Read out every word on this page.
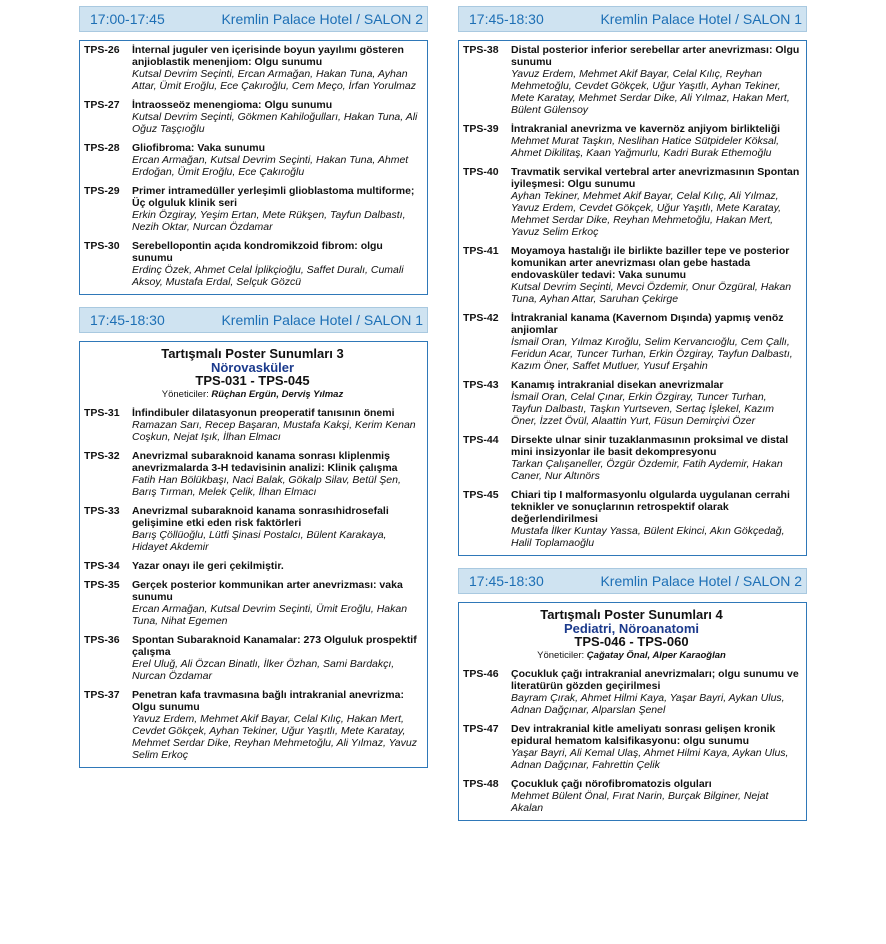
17:00-17:45	Kremlin Palace Hotel / SALON 2
TPS-26	İnternal juguler ven içerisinde boyun yayılımı gösteren anjioblastik menenjiom: Olgu sunumu
Kutsal Devrim Seçinti, Ercan Armağan, Hakan Tuna, Ayhan Attar, Ümit Eroğlu, Ece Çakıroğlu, Cem Meço, İrfan Yorulmaz
TPS-27	İntraosseöz menengioma: Olgu sunumu
Kutsal Devrim Seçinti, Gökmen Kahiloğulları, Hakan Tuna, Ali Oğuz Taşçıoğlu
TPS-28	Gliofibroma: Vaka sunumu
Ercan Armağan, Kutsal Devrim Seçinti, Hakan Tuna, Ahmet Erdoğan, Ümit Eroğlu, Ece Çakıroğlu
TPS-29	Primer intramedüller yerleşimli glioblastoma multiforme; Üç olguluk klinik seri
Erkin Özgiray, Yeşim Ertan, Mete Rükşen, Tayfun Dalbastı, Nezih Oktar, Nurcan Özdamar
TPS-30	Serebellopontin açıda kondromikzoid fibrom: olgu sunumu
Erdinç Özek, Ahmet Celal İplikçioğlu, Saffet Duralı, Cumali Aksoy, Mustafa Erdal, Selçuk Gözcü
17:45-18:30	Kremlin Palace Hotel / SALON 1
Tartışmalı Poster Sunumları 3
Nörovasküler
TPS-031 - TPS-045
Yöneticiler: Rüçhan Ergün, Derviş Yılmaz
TPS-31	İnfindibuler dilatasyonun preoperatif tanısının önemi
Ramazan Sarı, Recep Başaran, Mustafa Kakşi, Kerim Kenan Coşkun, Nejat Işık, İlhan Elmacı
TPS-32	Anevrizmal subaraknoid kanama sonrası kliplenmiş anevrizmalarda 3-H tedavisinin analizi: Klinik çalışma
Fatih Han Bölükbaşı, Naci Balak, Gökalp Silav, Betül Şen, Barış Tırman, Melek Çelik, İlhan Elmacı
TPS-33	Anevrizmal subaraknoid kanama sonrasıhidrosefali gelişimine etki eden risk faktörleri
Barış Çöllüoğlu, Lütfi Şinasi Postalcı, Bülent Karakaya, Hidayet Akdemir
TPS-34	Yazar onayı ile geri çekilmiştir.
TPS-35	Gerçek posterior kommunikan arter anevrizması: vaka sunumu
Ercan Armağan, Kutsal Devrim Seçinti, Ümit Eroğlu, Hakan Tuna, Nihat Egemen
TPS-36	Spontan Subaraknoid Kanamalar: 273 Olguluk prospektif çalışma
Erel Uluğ, Ali Özcan Binatlı, İlker Özhan, Sami Bardakçı, Nurcan Özdamar
TPS-37	Penetran kafa travmasına bağlı intrakranial anevrizma: Olgu sunumu
Yavuz Erdem, Mehmet Akif Bayar, Celal Kılıç, Hakan Mert, Cevdet Gökçek, Ayhan Tekiner, Uğur Yaşıtlı, Mete Karatay, Mehmet Serdar Dike, Reyhan Mehmetoğlu, Ali Yılmaz, Yavuz Selim Erkoç
17:45-18:30	Kremlin Palace Hotel / SALON 1
TPS-38	Distal posterior inferior serebellar arter anevrizması: Olgu sunumu
Yavuz Erdem, Mehmet Akif Bayar, Celal Kılıç, Reyhan Mehmetoğlu, Cevdet Gökçek, Uğur Yaşıtlı, Ayhan Tekiner, Mete Karatay, Mehmet Serdar Dike, Ali Yılmaz, Hakan Mert, Bülent Gülensoy
TPS-39	İntrakranial anevrizma ve kavernöz anjiyom birlikteliği
Mehmet Murat Taşkın, Neslihan Hatice Sütpideler Köksal, Ahmet Dikilitaş, Kaan Yağmurlu, Kadri Burak Ethemoğlu
TPS-40	Travmatik servikal vertebral arter anevrizmasının Spontan iyileşmesi: Olgu sunumu
Ayhan Tekiner, Mehmet Akif Bayar, Celal Kılıç, Ali Yılmaz, Yavuz Erdem, Cevdet Gökçek, Uğur Yaşıtlı, Mete Karatay, Mehmet Serdar Dike, Reyhan Mehmetoğlu, Hakan Mert, Yavuz Selim Erkoç
TPS-41	Moyamoya hastalığı ile birlikte baziller tepe ve posterior komunikan arter anevrizması olan gebe hastada endovasküler tedavi: Vaka sunumu
Kutsal Devrim Seçinti, Mevci Özdemir, Onur Özgüral, Hakan Tuna, Ayhan Attar, Saruhan Çekirge
TPS-42	İntrakranial kanama (Kavernom Dışında) yapmış venöz anjiomlar
İsmail Oran, Yılmaz Kıroğlu, Selim Kervancıoğlu, Cem Çallı, Feridun Acar, Tuncer Turhan, Erkin Özgiray, Tayfun Dalbastı, Kazım Öner, Saffet Mutluer, Yusuf Erşahin
TPS-43	Kanamış intrakranial disekan anevrizmalar
İsmail Oran, Celal Çınar, Erkin Özgiray, Tuncer Turhan, Tayfun Dalbastı, Taşkın Yurtseven, Sertaç İşlekel, Kazım Öner, İzzet Övül, Alaattin Yurt, Füsun Demirçivi Özer
TPS-44	Dirsekte ulnar sinir tuzaklanmasının proksimal ve distal mini insizyonlar ile basit dekompresyonu
Tarkan Çalışaneller, Özgür Özdemir, Fatih Aydemir, Hakan Caner, Nur Altınörs
TPS-45	Chiari tip I malformasyonlu olgularda uygulanan cerrahi teknikler ve sonuçlarının retrospektif olarak değerlendirilmesi
Mustafa İlker Kuntay Yassa, Bülent Ekinci, Akın Gökçedağ, Halil Toplamaoğlu
17:45-18:30	Kremlin Palace Hotel / SALON 2
Tartışmalı Poster Sunumları 4
Pediatri, Nöroanatomi
TPS-046 - TPS-060
Yöneticiler: Çağatay Önal, Alper Karaoğlan
TPS-46	Çocukluk çağı intrakranial anevrizmaları; olgu sunumu ve literatürün gözden geçirilmesi
Bayram Çırak, Ahmet Hilmi Kaya, Yaşar Bayri, Aykan Ulus, Adnan Dağçınar, Alparslan Şenel
TPS-47	Dev intrakranial kitle ameliyatı sonrası gelişen kronik epidural hematom kalsifikasyonu: olgu sunumu
Yaşar Bayri, Ali Kemal Ulaş, Ahmet Hilmi Kaya, Aykan Ulus, Adnan Dağçınar, Fahrettin Çelik
TPS-48	Çocukluk çağı nörofibromatozis olguları
Mehmet Bülent Önal, Fırat Narin, Burçak Bilginer, Nejat Akalan
